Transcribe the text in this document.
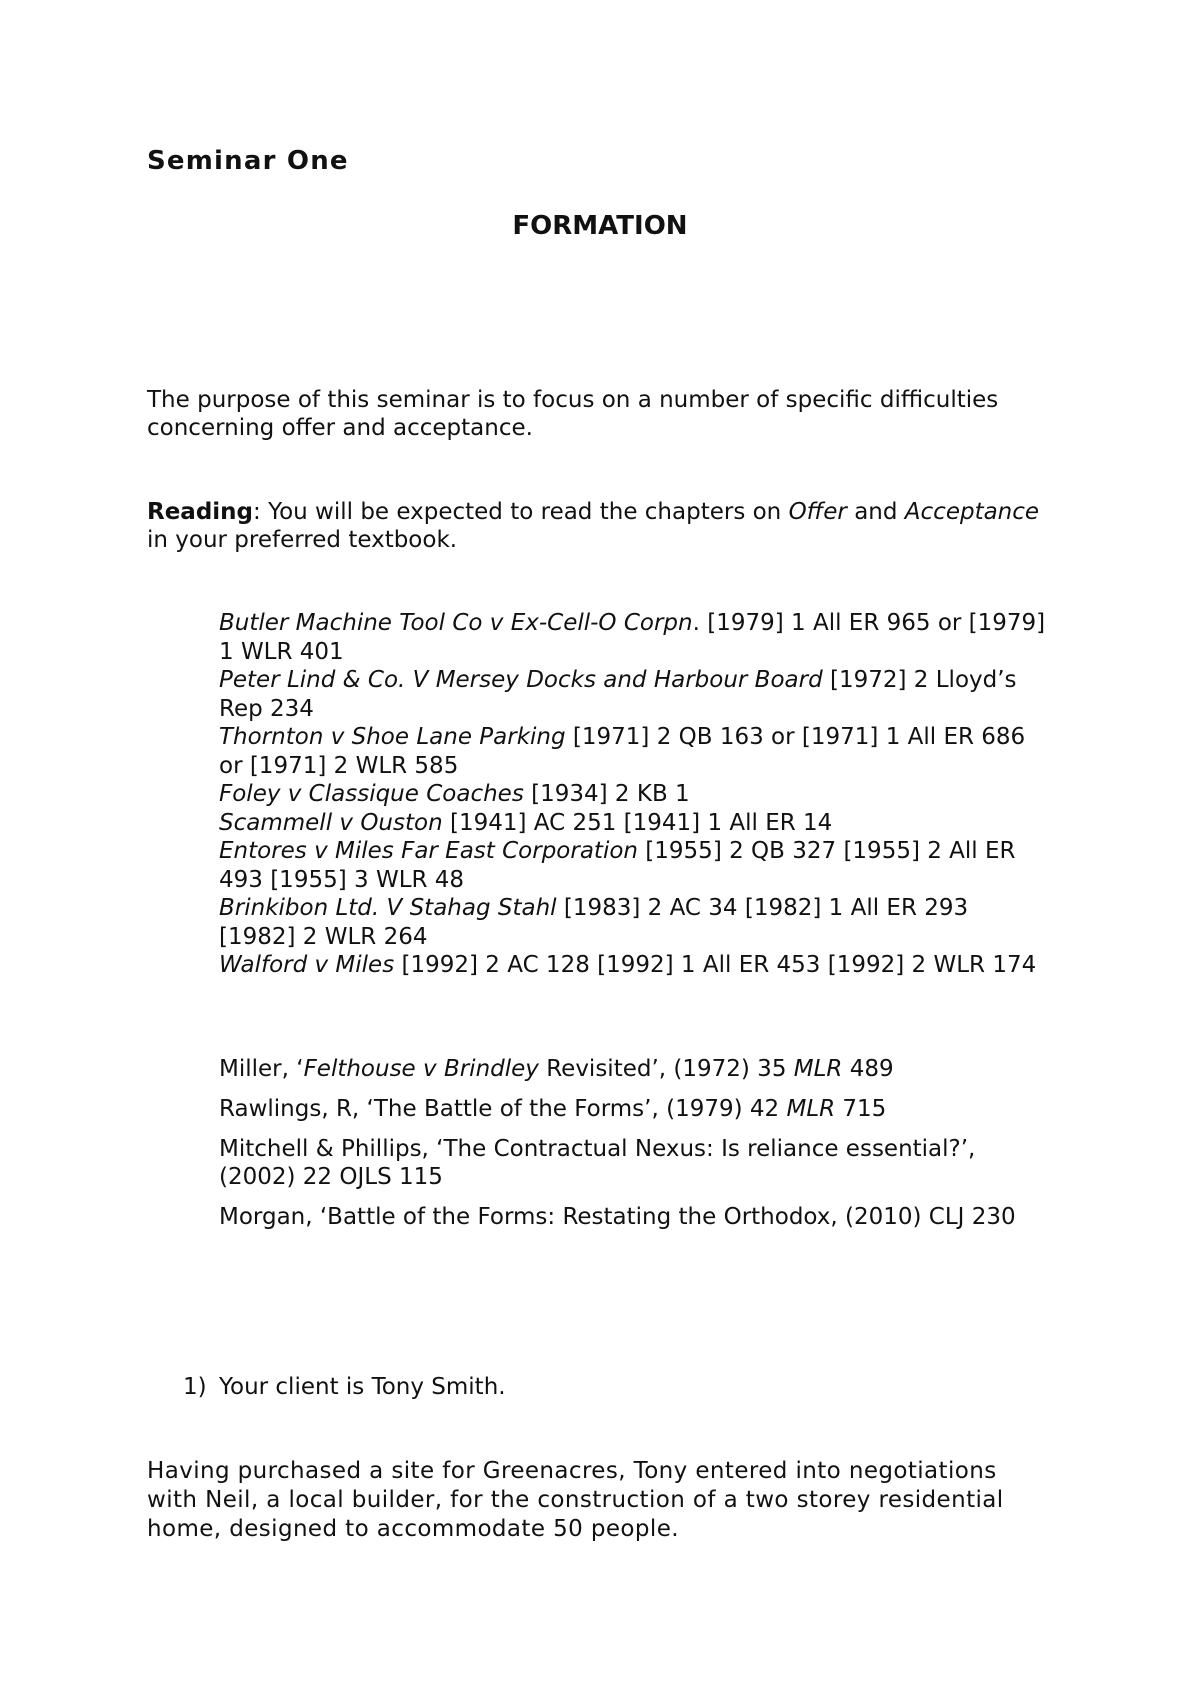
Seminar One
FORMATION

The purpose of this seminar is to focus on a number of specific difficulties concerning offer and acceptance.

Reading: You will be expected to read the chapters on Offer and Acceptance in your preferred textbook.

Butler Machine Tool Co v Ex-Cell-O Corpn. [1979] 1 All ER 965 or [1979] 1 WLR 401
Peter Lind & Co. V Mersey Docks and Harbour Board [1972] 2 Lloyd’s Rep 234
Thornton v Shoe Lane Parking [1971] 2 QB 163 or [1971] 1 All ER 686 or [1971] 2 WLR 585
Foley v Classique Coaches [1934] 2 KB 1
Scammell v Ouston [1941] AC 251 [1941] 1 All ER 14
Entores v Miles Far East Corporation [1955] 2 QB 327 [1955] 2 All ER 493 [1955] 3 WLR 48
Brinkibon Ltd. V Stahag Stahl [1983] 2 AC 34 [1982] 1 All ER 293 [1982] 2 WLR 264
Walford v Miles [1992] 2 AC 128 [1992] 1 All ER 453 [1992] 2 WLR 174
Miller, ‘Felthouse v Brindley Revisited’, (1972) 35 MLR 489
Rawlings, R, ‘The Battle of the Forms’, (1979) 42 MLR 715
Mitchell & Phillips, ‘The Contractual Nexus: Is reliance essential?’, (2002) 22 OJLS 115
Morgan, ‘Battle of the Forms: Restating the Orthodox, (2010) CLJ 230

1) Your client is Tony Smith.

Having purchased a site for Greenacres, Tony entered into negotiations with Neil, a local builder, for the construction of a two storey residential home, designed to accommodate 50 people.
